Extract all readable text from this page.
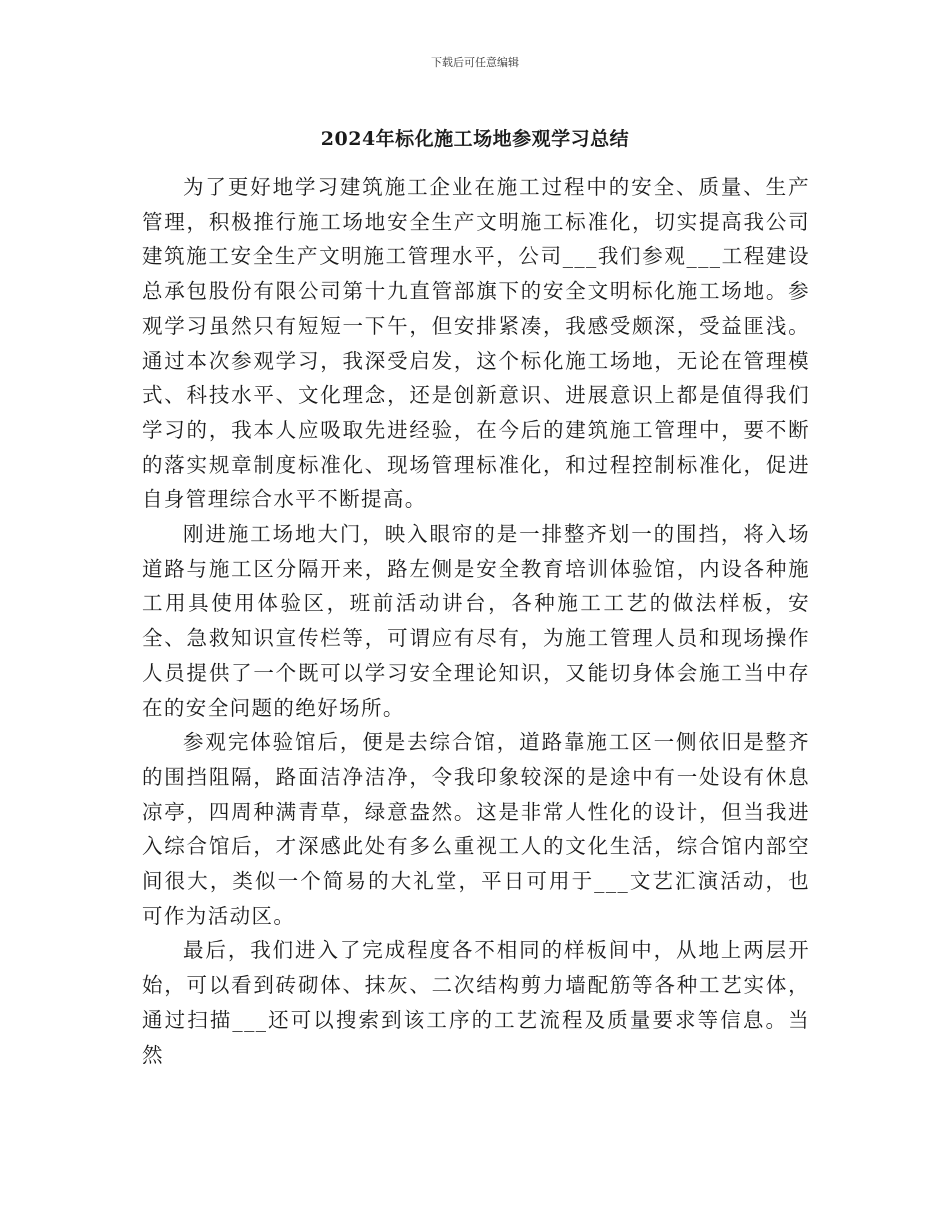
下载后可任意编辑
2024年标化施工场地参观学习总结

为了更好地学习建筑施工企业在施工过程中的安全、质量、生产管理，积极推行施工场地安全生产文明施工标准化，切实提高我公司建筑施工安全生产文明施工管理水平，公司___我们参观___工程建设总承包股份有限公司第十九直管部旗下的安全文明标化施工场地。参观学习虽然只有短短一下午，但安排紧凑，我感受颇深，受益匪浅。通过本次参观学习，我深受启发，这个标化施工场地，无论在管理模式、科技水平、文化理念，还是创新意识、进展意识上都是值得我们学习的，我本人应吸取先进经验，在今后的建筑施工管理中，要不断的落实规章制度标准化、现场管理标准化，和过程控制标准化，促进自身管理综合水平不断提高。

刚进施工场地大门，映入眼帘的是一排整齐划一的围挡，将入场道路与施工区分隔开来，路左侧是安全教育培训体验馆，内设各种施工用具使用体验区，班前活动讲台，各种施工工艺的做法样板，安全、急救知识宣传栏等，可谓应有尽有，为施工管理人员和现场操作人员提供了一个既可以学习安全理论知识，又能切身体会施工当中存在的安全问题的绝好场所。

参观完体验馆后，便是去综合馆，道路靠施工区一侧依旧是整齐的围挡阻隔，路面洁净洁净，令我印象较深的是途中有一处设有休息凉亭，四周种满青草，绿意盎然。这是非常人性化的设计，但当我进入综合馆后，才深感此处有多么重视工人的文化生活，综合馆内部空间很大，类似一个简易的大礼堂，平日可用于___文艺汇演活动，也可作为活动区。

最后，我们进入了完成程度各不相同的样板间中，从地上两层开始，可以看到砖砌体、抹灰、二次结构剪力墙配筋等各种工艺实体，通过扫描___还可以搜索到该工序的工艺流程及质量要求等信息。当然
